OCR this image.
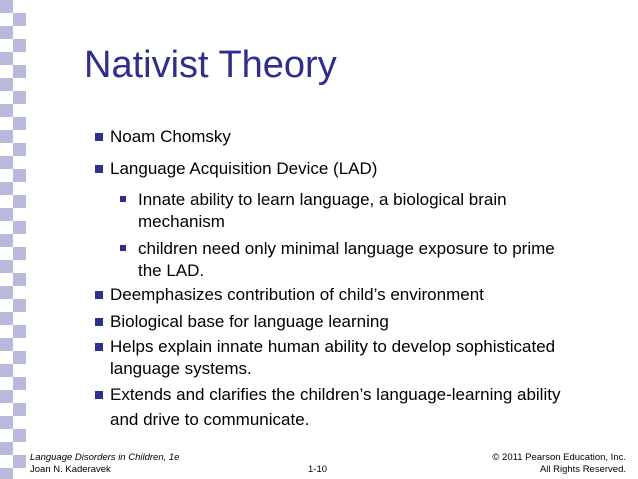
Nativist Theory
Noam Chomsky
Language Acquisition Device (LAD)
Innate ability to learn language, a biological brain
mechanism
children need only minimal language exposure to prime
the LAD.
Deemphasizes contribution of child’s environment
Biological base for language learning
Helps explain innate human ability to develop sophisticated
language systems.
Extends and clarifies the children’s language-learning ability
and drive to communicate.
Language Disorders in Children, 1e
Joan N. Kaderavek	1-10
© 2011 Pearson Education, Inc.
All Rights Reserved.
